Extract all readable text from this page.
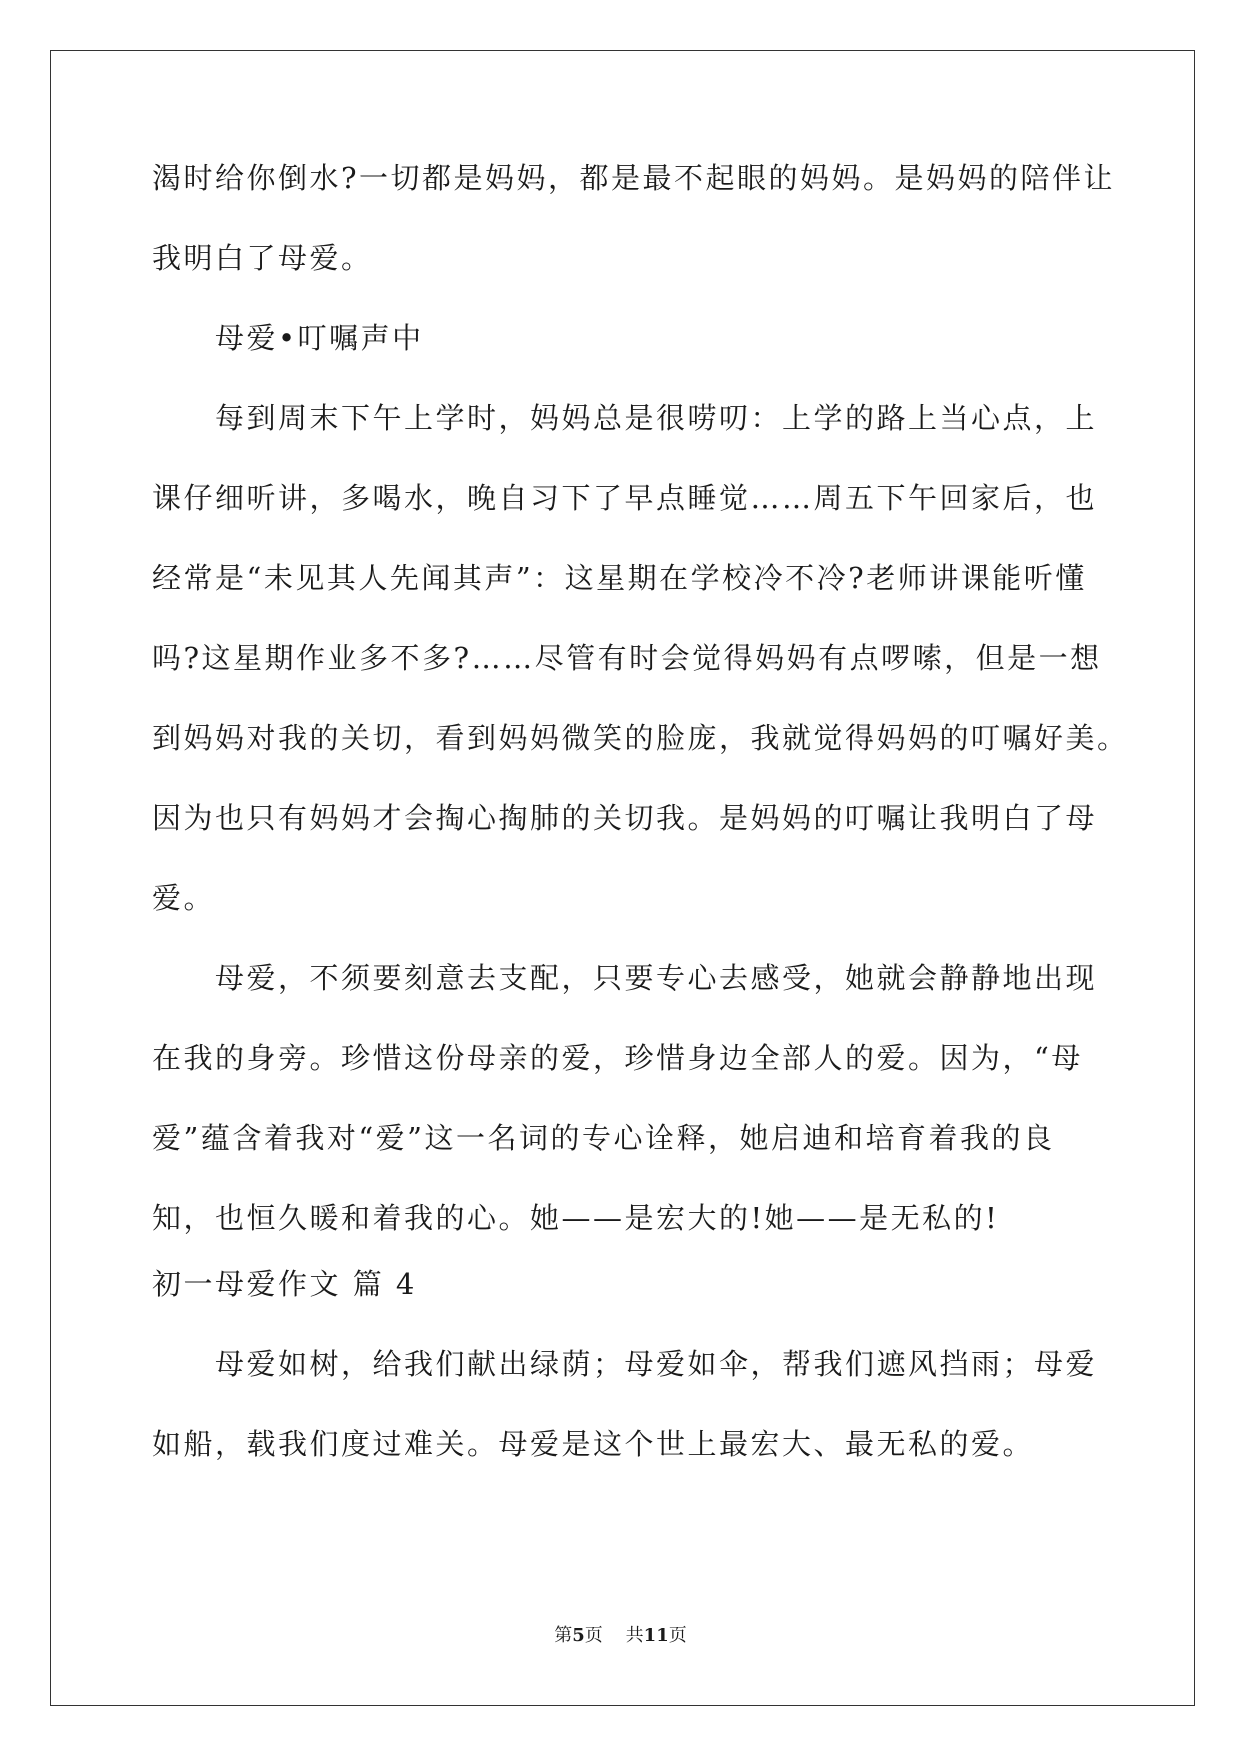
渴时给你倒水?一切都是妈妈，都是最不起眼的妈妈。是妈妈的陪伴让
我明白了母爱。
母爱•叮嘱声中
每到周末下午上学时，妈妈总是很唠叨：上学的路上当心点，上
课仔细听讲，多喝水，晚自习下了早点睡觉……周五下午回家后，也
经常是“未见其人先闻其声”：这星期在学校冷不冷?老师讲课能听懂
吗?这星期作业多不多?……尽管有时会觉得妈妈有点啰嗦，但是一想
到妈妈对我的关切，看到妈妈微笑的脸庞，我就觉得妈妈的叮嘱好美。
因为也只有妈妈才会掏心掏肺的关切我。是妈妈的叮嘱让我明白了母
爱。
母爱，不须要刻意去支配，只要专心去感受，她就会静静地出现
在我的身旁。珍惜这份母亲的爱，珍惜身边全部人的爱。因为，“母
爱”蕴含着我对“爱”这一名词的专心诠释，她启迪和培育着我的良
知，也恒久暖和着我的心。她——是宏大的!她——是无私的!
初一母爱作文 篇 4
母爱如树，给我们献出绿荫；母爱如伞，帮我们遮风挡雨；母爱
如船，载我们度过难关。母爱是这个世上最宏大、最无私的爱。
第5页    共11页
